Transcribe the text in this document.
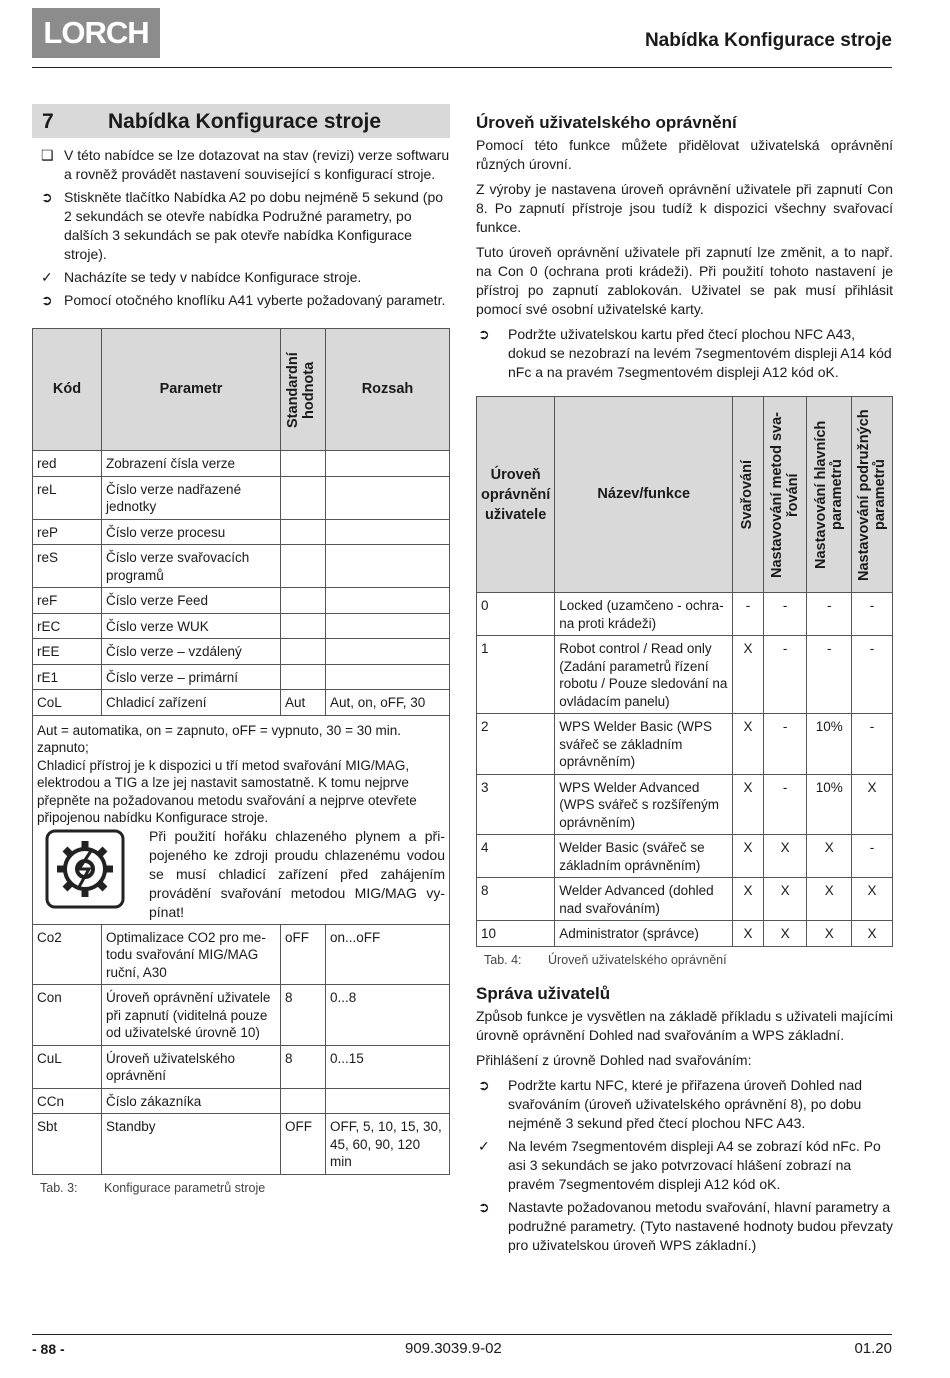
LORCH	Nabídka Konfigurace stroje
7	Nabídka Konfigurace stroje
❑ V této nabídce se lze dotazovat na stav (revizi) verze softwaru a rovněž provádět nastavení související s konfigurací stroje.
➲ Stiskněte tlačítko Nabídka A2 po dobu nejméně 5 sekund (po 2 sekundách se otevře nabídka Podružné parametry, po dalších 3 sekundách se pak otevře nabídka Konfigurace stroje).
✓ Nacházíte se tedy v nabídce Konfigurace stroje.
➲ Pomocí otočného knoflíku A41 vyberte požadovaný parametr.
Kód	Parametr	Standardní hodnota	Rozsah
red	Zobrazení čísla verze		
reL	Číslo verze nadřazené jednotky		
reP	Číslo verze procesu		
reS	Číslo verze svařovacích programů		
reF	Číslo verze Feed		
rEC	Číslo verze WUK		
rEE	Číslo verze – vzdálený		
rE1	Číslo verze – primární		
CoL	Chladicí zařízení	Aut	Aut, on, oFF, 30

Aut = automatika, on = zapnuto, oFF = vypnuto, 30 = 30 min. zapnuto;
Chladicí přístroj je k dispozici u tří metod svařování MIG/MAG, elektrodou a TIG a lze jej nastavit samostatně. K tomu nejprve přepněte na požadovanou metodu svařování a nejprve otevřete připojenou nabídku Konfigurace stroje.
Při použití hořáku chlazeného plynem a připojeného ke zdroji proudu chlazenému vodou se musí chladicí zařízení před zahájením provádění svařování metodou MIG/MAG vypínat!			

Co2	Optimalizace CO2 pro metodu svařování MIG/MAG ruční, A30	oFF	on...oFF
Con	Úroveň oprávnění uživatele při zapnutí (viditelná pouze od uživatelské úrovně 10)	8	0...8
CuL	Úroveň uživatelského oprávnění	8	0...15
CCn	Číslo zákazníka		
Sbt	Standby	OFF	OFF, 5, 10, 15, 30, 45, 60, 90, 120 min
Tab. 3:	Konfigurace parametrů stroje
Úroveň uživatelského oprávnění

Pomocí této funkce můžete přidělovat uživatelská oprávnění různých úrovní.

Z výroby je nastavena úroveň oprávnění uživatele při zapnutí Con 8. Po zapnutí přístroje jsou tudíž k dispozici všechny svařovací funkce.

Tuto úroveň oprávnění uživatele při zapnutí lze změnit, a to např. na Con 0 (ochrana proti krádeži). Při použití tohoto nastavení je přístroj po zapnutí zablokován. Uživatel se pak musí přihlásit pomocí své osobní uživatelské karty.

➲	Podržte uživatelskou kartu před čtecí plochou NFC A43, dokud se nezobrazí na levém 7segmentovém displeji A14 kód nFc a na pravém 7segmentovém displeji A12 kód oK.
Úroveň oprávnění uživatele	Název/funkce	Svařování	Nastavování metod svařování	Nastavování hlavních parametrů	Nastavování podružných parametrů

0	Locked (uzamčeno - ochrana proti krádeži)	-	-	-	-
1	Robot control / Read only (Zadání parametrů řízení robotu / Pouze sledování na ovládacím panelu)	X	-	-	-
2	WPS Welder Basic (WPS svářeč se základním oprávněním)	X	-	10%	-
3	WPS Welder Advanced (WPS svářeč s rozšířeným oprávněním)	X	-	10%	X
4	Welder Basic (svářeč se základním oprávněním)	X	X	X	-
8	Welder Advanced (dohled nad svařováním)	X	X	X	X
10	Administrator (správce)	X	X	X	X
Tab. 4:	Úroveň uživatelského oprávnění
Správa uživatelů

Způsob funkce je vysvětlen na základě příkladu s uživateli majícími úrovně oprávnění Dohled nad svařováním a WPS základní.

Přihlášení z úrovně Dohled nad svařováním:

➲	Podržte kartu NFC, které je přiřazena úroveň Dohled nad svařováním (úroveň uživatelského oprávnění 8), po dobu nejméně 3 sekund před čtecí plochou NFC A43.
✓	Na levém 7segmentovém displeji A4 se zobrazí kód nFc. Po asi 3 sekundách se jako potvrzovací hlášení zobrazí na pravém 7segmentovém displeji A12 kód oK.
➲	Nastavte požadovanou metodu svařování, hlavní parametry a podružné parametry. (Tyto nastavené hodnoty budou převzaty pro uživatelskou úroveň WPS základní.)
- 88 -	909.3039.9-02	01.20
